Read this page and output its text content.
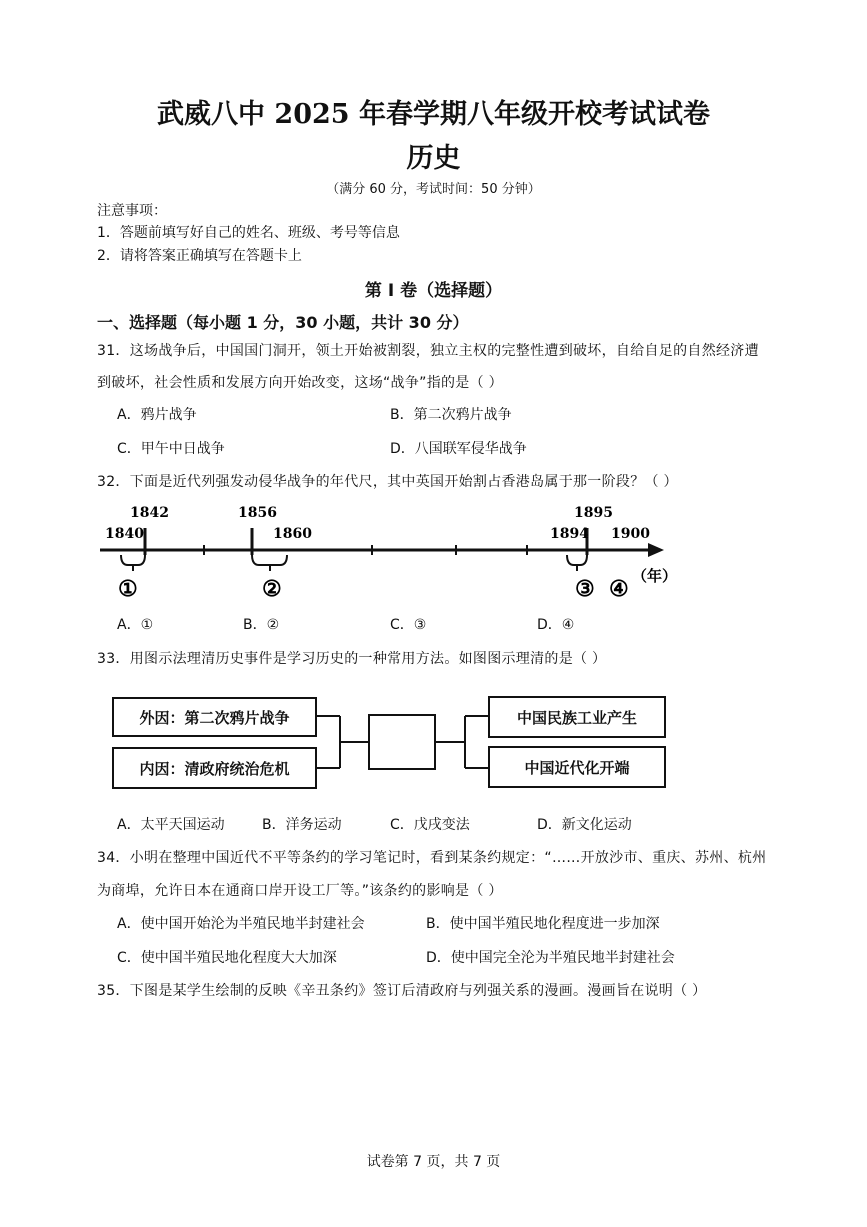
武威八中 2025 年春学期八年级开校考试试卷
历史
（满分 60 分，考试时间：50 分钟）
注意事项：
1．答题前填写好自己的姓名、班级、考号等信息
2．请将答案正确填写在答题卡上
第 I 卷（选择题）
一、选择题（每小题 1 分，30 小题，共计 30 分）
31．这场战争后，中国国门洞开，领土开始被割裂，独立主权的完整性遭到破坏，自给自足的自然经济遭
到破坏，社会性质和发展方向开始改变，这场“战争”指的是（ ）
A．鸦片战争	B．第二次鸦片战争
C．甲午中日战争	D．八国联军侵华战争
32．下面是近代列强发动侵华战争的年代尺，其中英国开始割占香港岛属于那一阶段？（ ）
1840
1842	1856
1860	1894
1895
1900
①	②	③ ④ （年）
A．①	B．②	C．③	D．④
33．用图示法理清历史事件是学习历史的一种常用方法。如图图示理清的是（ ）
外因：第二次鸦片战争
内因：清政府统治危机
中国民族工业产生
中国近代化开端
A．太平天国运动	B．洋务运动	C．戊戌变法	D．新文化运动
34．小明在整理中国近代不平等条约的学习笔记时，看到某条约规定：“……开放沙市、重庆、苏州、杭州
为商埠，允许日本在通商口岸开设工厂等。”该条约的影响是（ ）
A．使中国开始沦为半殖民地半封建社会	B．使中国半殖民地化程度进一步加深
C．使中国半殖民地化程度大大加深	D．使中国完全沦为半殖民地半封建社会
35．下图是某学生绘制的反映《辛丑条约》签订后清政府与列强关系的漫画。漫画旨在说明（ ）
试卷第 7 页，共 7 页
